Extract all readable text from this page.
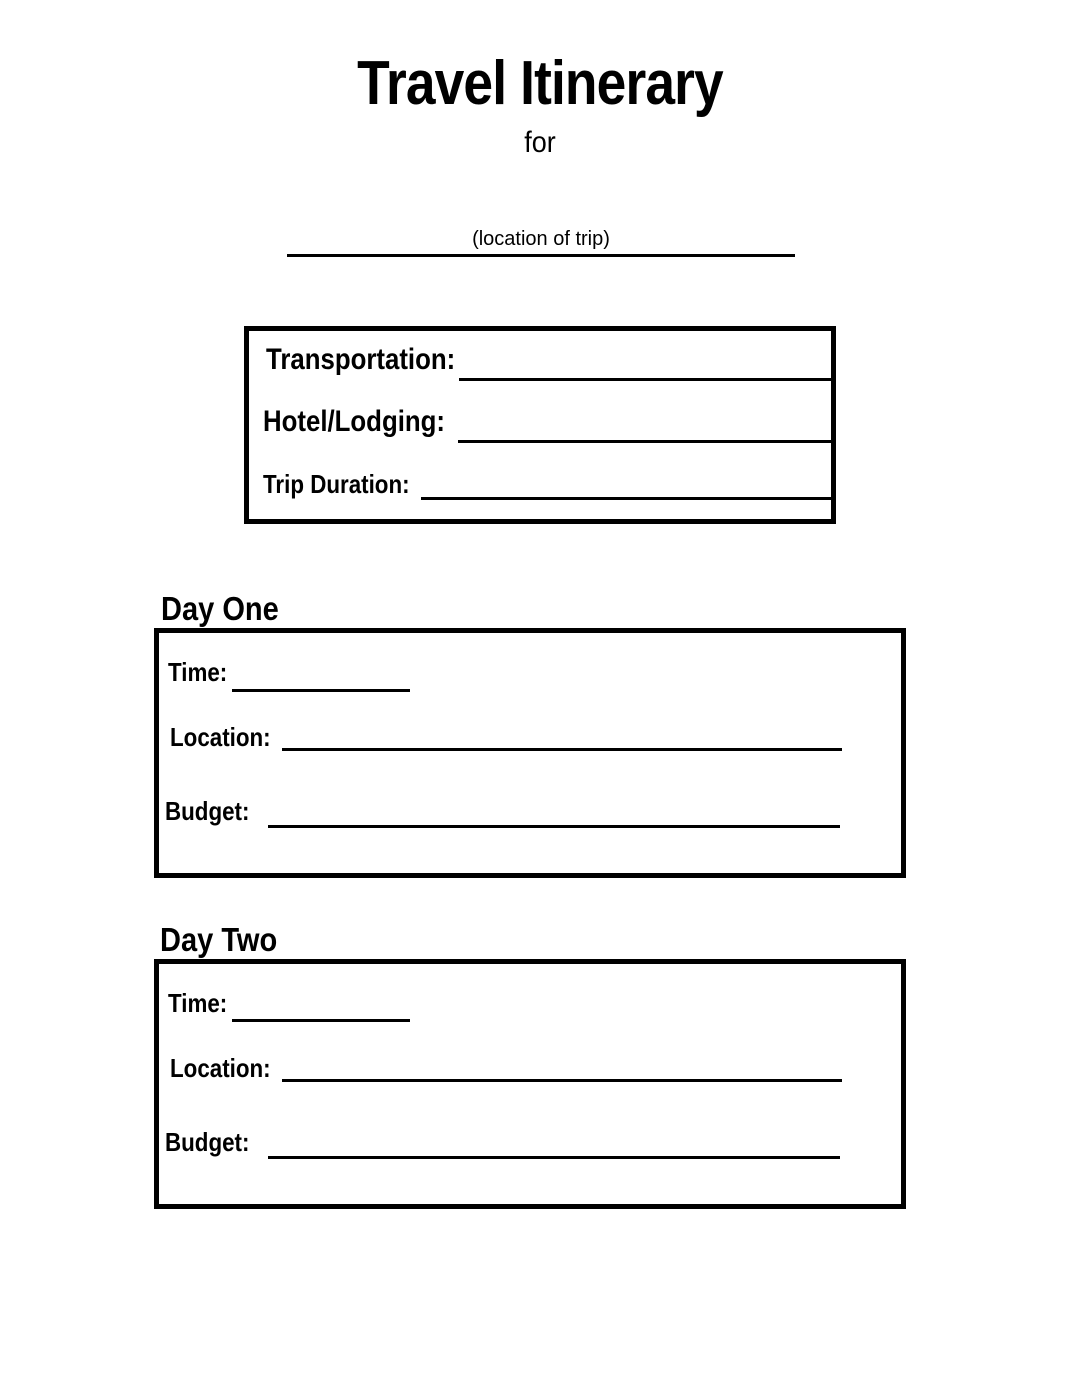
Travel Itinerary
for
(location of trip)
Transportation:
Hotel/Lodging:
Trip Duration:
Day One
Time:
Location:
Budget:
Day Two
Time:
Location:
Budget:
